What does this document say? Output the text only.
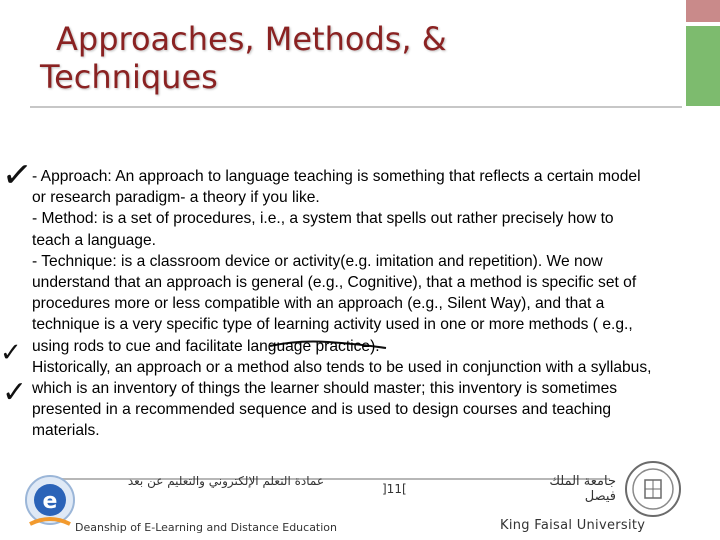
Approaches, Methods, &
Techniques
✓
✓
✓

- Approach: An approach to language teaching is something that reflects a certain model or research paradigm- a theory if you like.

- Method: is a set of procedures, i.e., a system that spells out rather precisely how to teach a language.

- Technique: is a classroom device or activity(e.g. imitation and repetition). We now understand that an approach is general (e.g., Cognitive), that a method is specific set of procedures more or less compatible with an approach (e.g., Silent Way), and that a technique is a very specific type of learning activity used in one or more methods ( e.g., using rods to cue and facilitate language practice).

Historically, an approach or a method also tends to be used in conjunction with a syllabus, which is an inventory of things the learner should master; this inventory is sometimes presented in a recommended sequence and is used to design courses and teaching materials.

e
عمادة التعلم الإلكتروني والتعليم عن بعد
Deanship of E-Learning and Distance Education
]11[	جامعة الملك فيصل
King Faisal University
